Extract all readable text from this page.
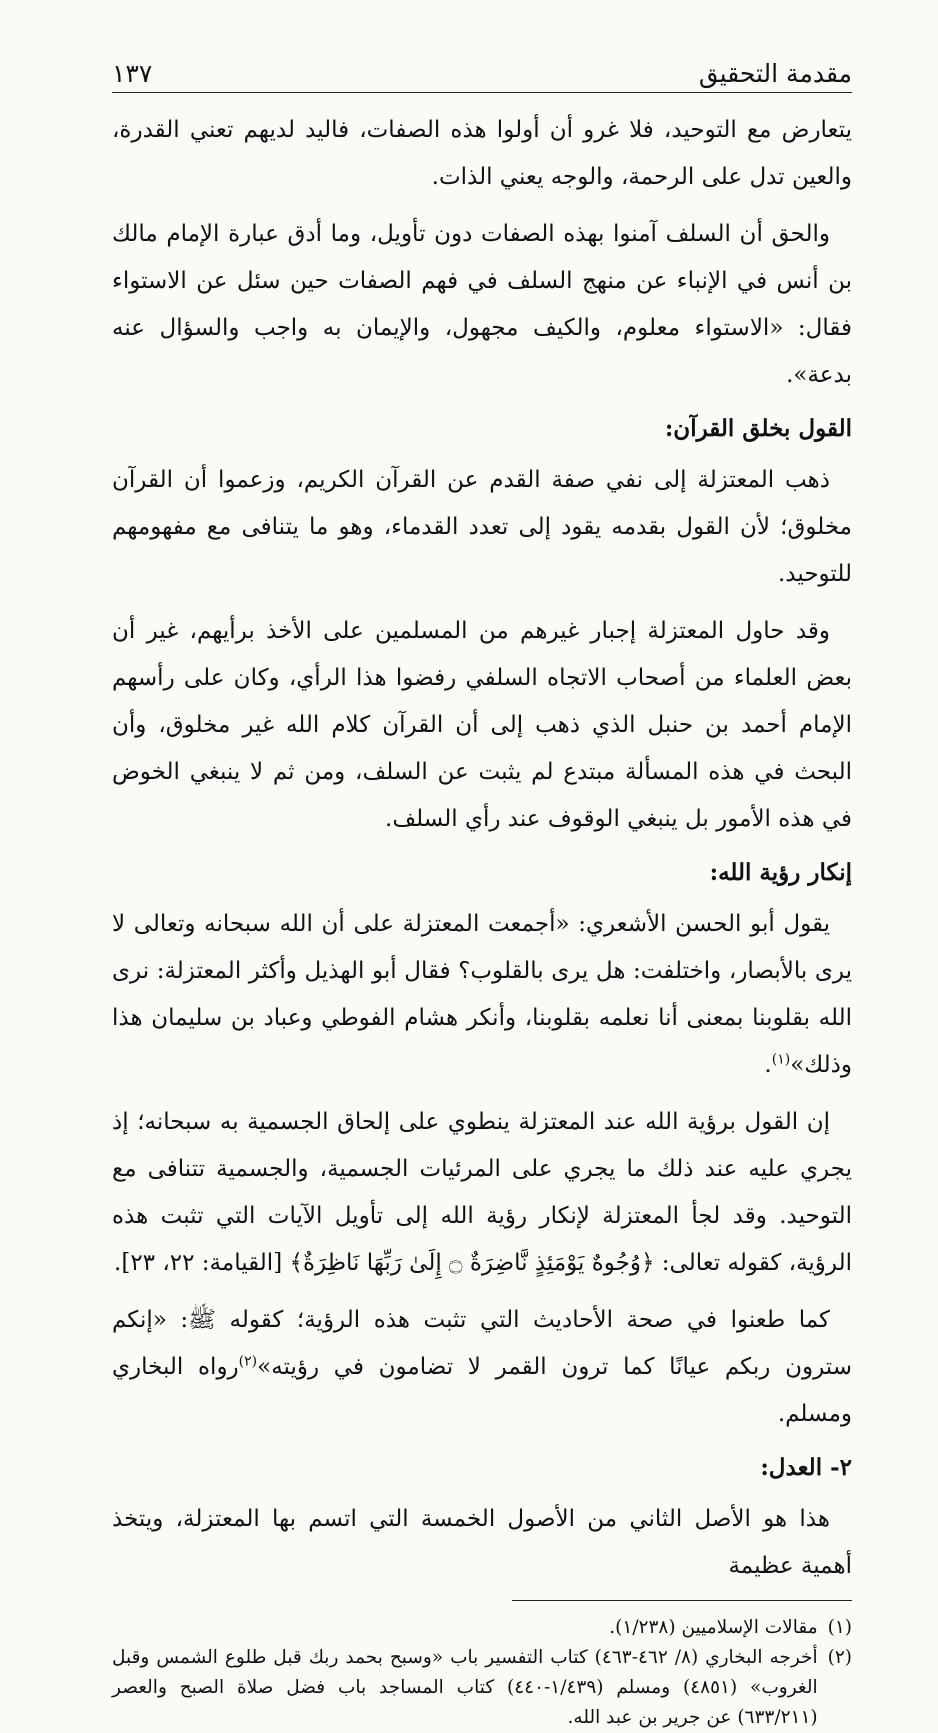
مقدمة التحقيق
١٣٧

يتعارض مع التوحيد، فلا غرو أن أولوا هذه الصفات، فاليد لديهم تعني القدرة، والعين تدل على الرحمة، والوجه يعني الذات.

والحق أن السلف آمنوا بهذه الصفات دون تأويل، وما أدق عبارة الإمام مالك بن أنس في الإنباء عن منهج السلف في فهم الصفات حين سئل عن الاستواء فقال: «الاستواء معلوم، والكيف مجهول، والإيمان به واجب والسؤال عنه بدعة».

القول بخلق القرآن:

ذهب المعتزلة إلى نفي صفة القدم عن القرآن الكريم، وزعموا أن القرآن مخلوق؛ لأن القول بقدمه يقود إلى تعدد القدماء، وهو ما يتنافى مع مفهومهم للتوحيد.

وقد حاول المعتزلة إجبار غيرهم من المسلمين على الأخذ برأيهم، غير أن بعض العلماء من أصحاب الاتجاه السلفي رفضوا هذا الرأي، وكان على رأسهم الإمام أحمد بن حنبل الذي ذهب إلى أن القرآن كلام الله غير مخلوق، وأن البحث في هذه المسألة مبتدع لم يثبت عن السلف، ومن ثم لا ينبغي الخوض في هذه الأمور بل ينبغي الوقوف عند رأي السلف.

إنكار رؤية الله:

يقول أبو الحسن الأشعري: «أجمعت المعتزلة على أن الله سبحانه وتعالى لا يرى بالأبصار، واختلفت: هل يرى بالقلوب؟ فقال أبو الهذيل وأكثر المعتزلة: نرى الله بقلوبنا بمعنى أنا نعلمه بقلوبنا، وأنكر هشام الفوطي وعباد بن سليمان هذا وذلك»$^{(١)}$.

إن القول برؤية الله عند المعتزلة ينطوي على إلحاق الجسمية به سبحانه؛ إذ يجري عليه عند ذلك ما يجري على المرئيات الجسمية، والجسمية تتنافى مع التوحيد. وقد لجأ المعتزلة لإنكار رؤية الله إلى تأويل الآيات التي تثبت هذه الرؤية، كقوله تعالى: ﴿وُجُوهٌ يَوْمَئِذٍ نَّاضِرَةٌ ۝ إِلَىٰ رَبِّهَا نَاظِرَةٌ﴾ [القيامة: ٢٢، ٢٣].

كما طعنوا في صحة الأحاديث التي تثبت هذه الرؤية؛ كقوله ﷺ: «إنكم سترون ربكم عيانًا كما ترون القمر لا تضامون في رؤيته»$^{(٢)}$رواه البخاري ومسلم.

٢- العدل:

هذا هو الأصل الثاني من الأصول الخمسة التي اتسم بها المعتزلة، ويتخذ أهمية عظيمة

(١)
مقالات الإسلاميين (١/٢٣٨).
(٢)
أخرجه البخاري (٨/ ٤٦٢-٤٦٣) كتاب التفسير باب «وسبح بحمد ربك قبل طلوع الشمس وقبل الغروب» (٤٨٥١) ومسلم (١/٤٣٩-٤٤٠) كتاب المساجد باب فضل صلاة الصبح والعصر (٦٣٣/٢١١) عن جرير بن عبد الله.
